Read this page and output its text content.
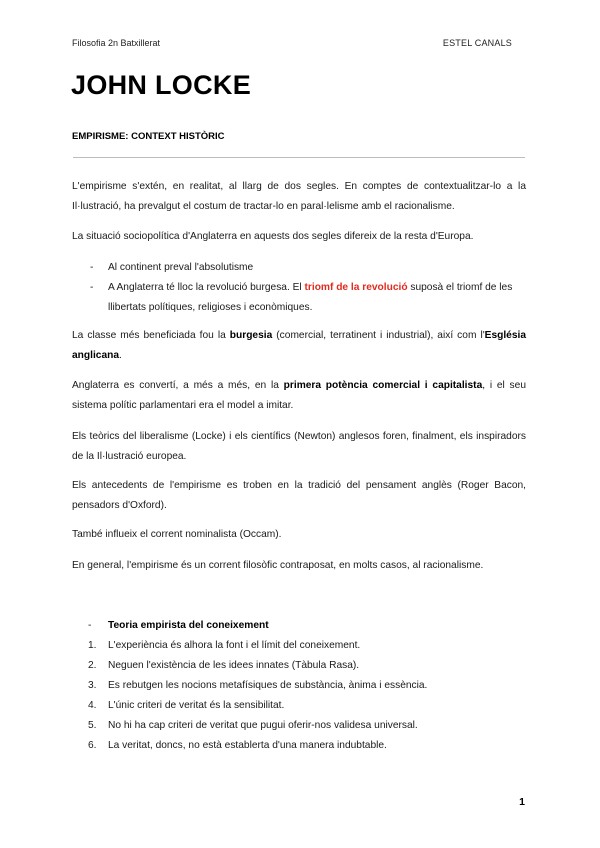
Filosofia 2n Batxillerat	ESTEL CANALS
JOHN LOCKE
EMPIRISME: CONTEXT HISTÒRIC
L'empirisme s'extén, en realitat, al llarg de dos segles. En comptes de contextualitzar-lo a la Il·lustració, ha prevalgut el costum de tractar-lo en paral·lelisme amb el racionalisme.
La situació sociopolítica d'Anglaterra en aquests dos segles difereix de la resta d'Europa.
-	Al continent preval l'absolutisme
-	A Anglaterra té lloc la revolució burgesa. El triomf de la revolució suposà el triomf de les llibertats polítiques, religioses i econòmiques.
La classe més beneficiada fou la burgesia (comercial, terratinent i industrial), així com l'Església anglicana.
Anglaterra es convertí, a més a més, en la primera potència comercial i capitalista, i el seu sistema polític parlamentari era el model a imitar.
Els teòrics del liberalisme (Locke) i els científics (Newton) anglesos foren, finalment, els inspiradors de la Il·lustració europea.
Els antecedents de l'empirisme es troben en la tradició del pensament anglès (Roger Bacon, pensadors d'Oxford).
També influeix el corrent nominalista (Occam).
En general, l'empirisme és un corrent filosòfic contraposat, en molts casos, al racionalisme.
-	Teoria empirista del coneixement
1.	L'experiència és alhora la font i el límit del coneixement.
2.	Neguen l'existència de les idees innates (Tàbula Rasa).
3.	Es rebutgen les nocions metafísiques de substància, ànima i essència.
4.	L'únic criteri de veritat és la sensibilitat.
5.	No hi ha cap criteri de veritat que pugui oferir-nos validesa universal.
6.	La veritat, doncs, no està establerta d'una manera indubtable.
1
